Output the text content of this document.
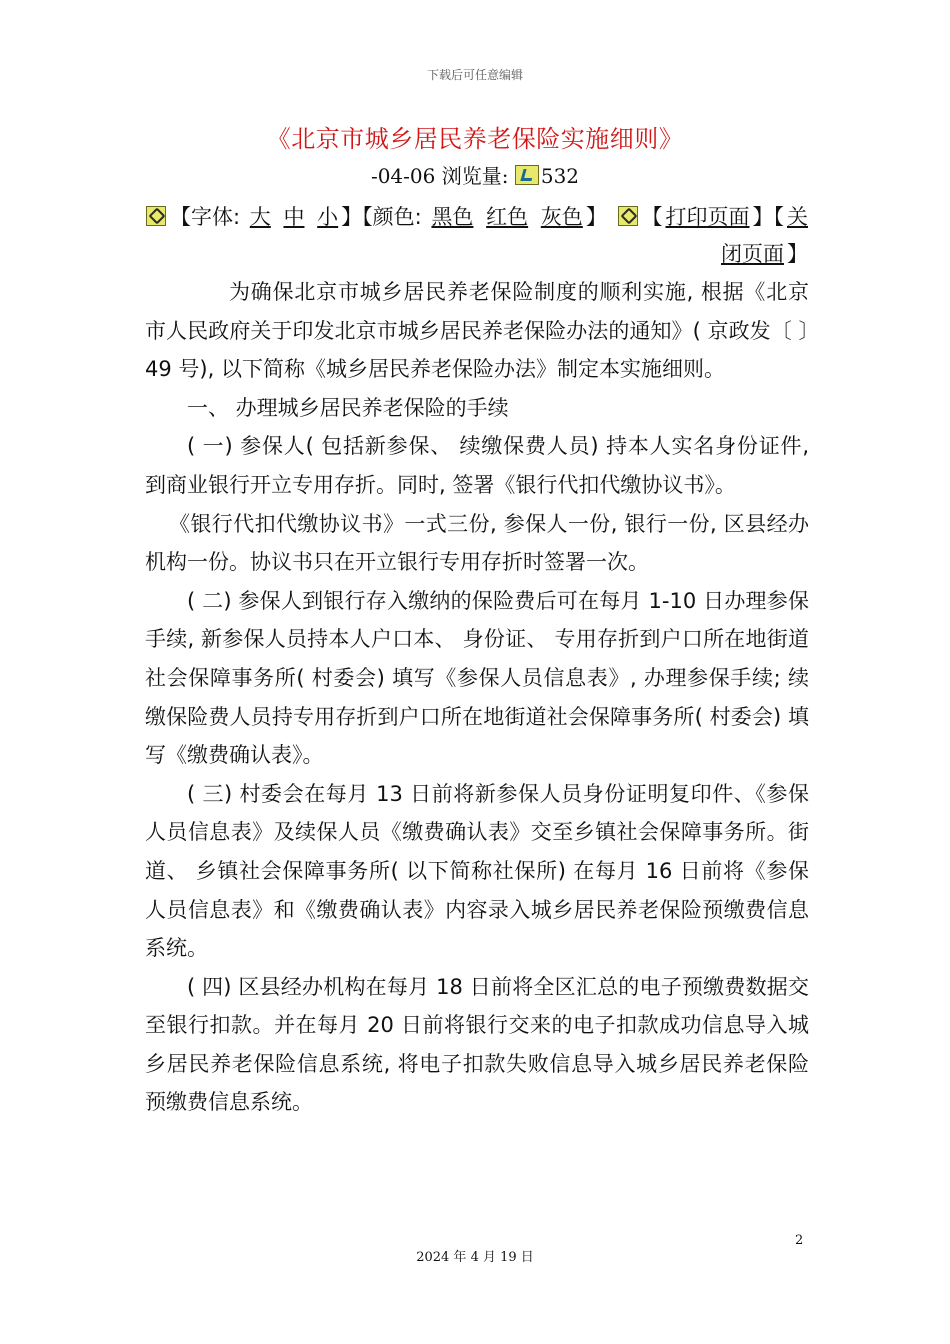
下载后可任意编辑
《北京市城乡居民养老保险实施细则》
-04-06 浏览量: 532
【字体: 大 中 小 】【颜色: 黑色 红色 灰色 】 【 打印页面 】【 关闭页面 】

为确保北京市城乡居民养老保险制度的顺利实施, 根据《北京市人民政府关于印发北京市城乡居民养老保险办法的通知》( 京政发〔 〕49 号), 以下简称《城乡居民养老保险办法》制定本实施细则。

一、 办理城乡居民养老保险的手续

( 一) 参保人( 包括新参保、 续缴保费人员) 持本人实名身份证件, 到商业银行开立专用存折。同时, 签署《银行代扣代缴协议书》。

《银行代扣代缴协议书》一式三份, 参保人一份, 银行一份, 区县经办机构一份。协议书只在开立银行专用存折时签署一次。

( 二) 参保人到银行存入缴纳的保险费后可在每月 1-10 日办理参保手续, 新参保人员持本人户口本、 身份证、 专用存折到户口所在地街道社会保障事务所( 村委会) 填写《参保人员信息表》, 办理参保手续; 续缴保险费人员持专用存折到户口所在地街道社会保障事务所( 村委会) 填写《缴费确认表》。

( 三) 村委会在每月 13 日前将新参保人员身份证明复印件、《参保人员信息表》及续保人员《缴费确认表》交至乡镇社会保障事务所。街道、 乡镇社会保障事务所( 以下简称社保所) 在每月 16 日前将《参保人员信息表》和《缴费确认表》内容录入城乡居民养老保险预缴费信息系统。

( 四) 区县经办机构在每月 18 日前将全区汇总的电子预缴费数据交至银行扣款。并在每月 20 日前将银行交来的电子扣款成功信息导入城乡居民养老保险信息系统, 将电子扣款失败信息导入城乡居民养老保险预缴费信息系统。

2
2024 年 4 月 19 日
